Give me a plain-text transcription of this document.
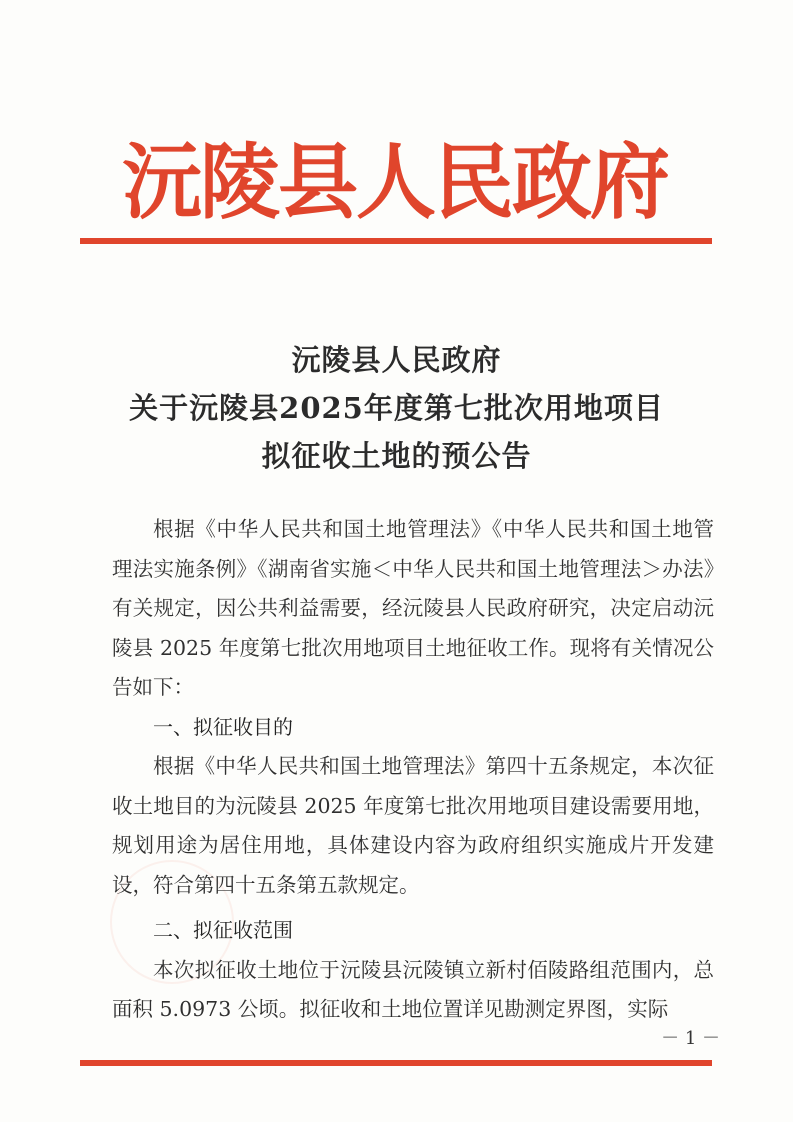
沅陵县人民政府
沅陵县人民政府
关于沅陵县2025年度第七批次用地项目
拟征收土地的预公告

根据《中华人民共和国土地管理法》《中华人民共和国土地管理法实施条例》《湖南省实施＜中华人民共和国土地管理法＞办法》有关规定，因公共利益需要，经沅陵县人民政府研究，决定启动沅陵县 2025 年度第七批次用地项目土地征收工作。现将有关情况公告如下：

一、拟征收目的

根据《中华人民共和国土地管理法》第四十五条规定，本次征收土地目的为沅陵县 2025 年度第七批次用地项目建设需要用地，规划用途为居住用地，具体建设内容为政府组织实施成片开发建设，符合第四十五条第五款规定。

二、拟征收范围

本次拟征收土地位于沅陵县沅陵镇立新村佰陵路组范围内，总面积 5.0973 公顷。拟征收和土地位置详见勘测定界图，实际

－ 1 －
